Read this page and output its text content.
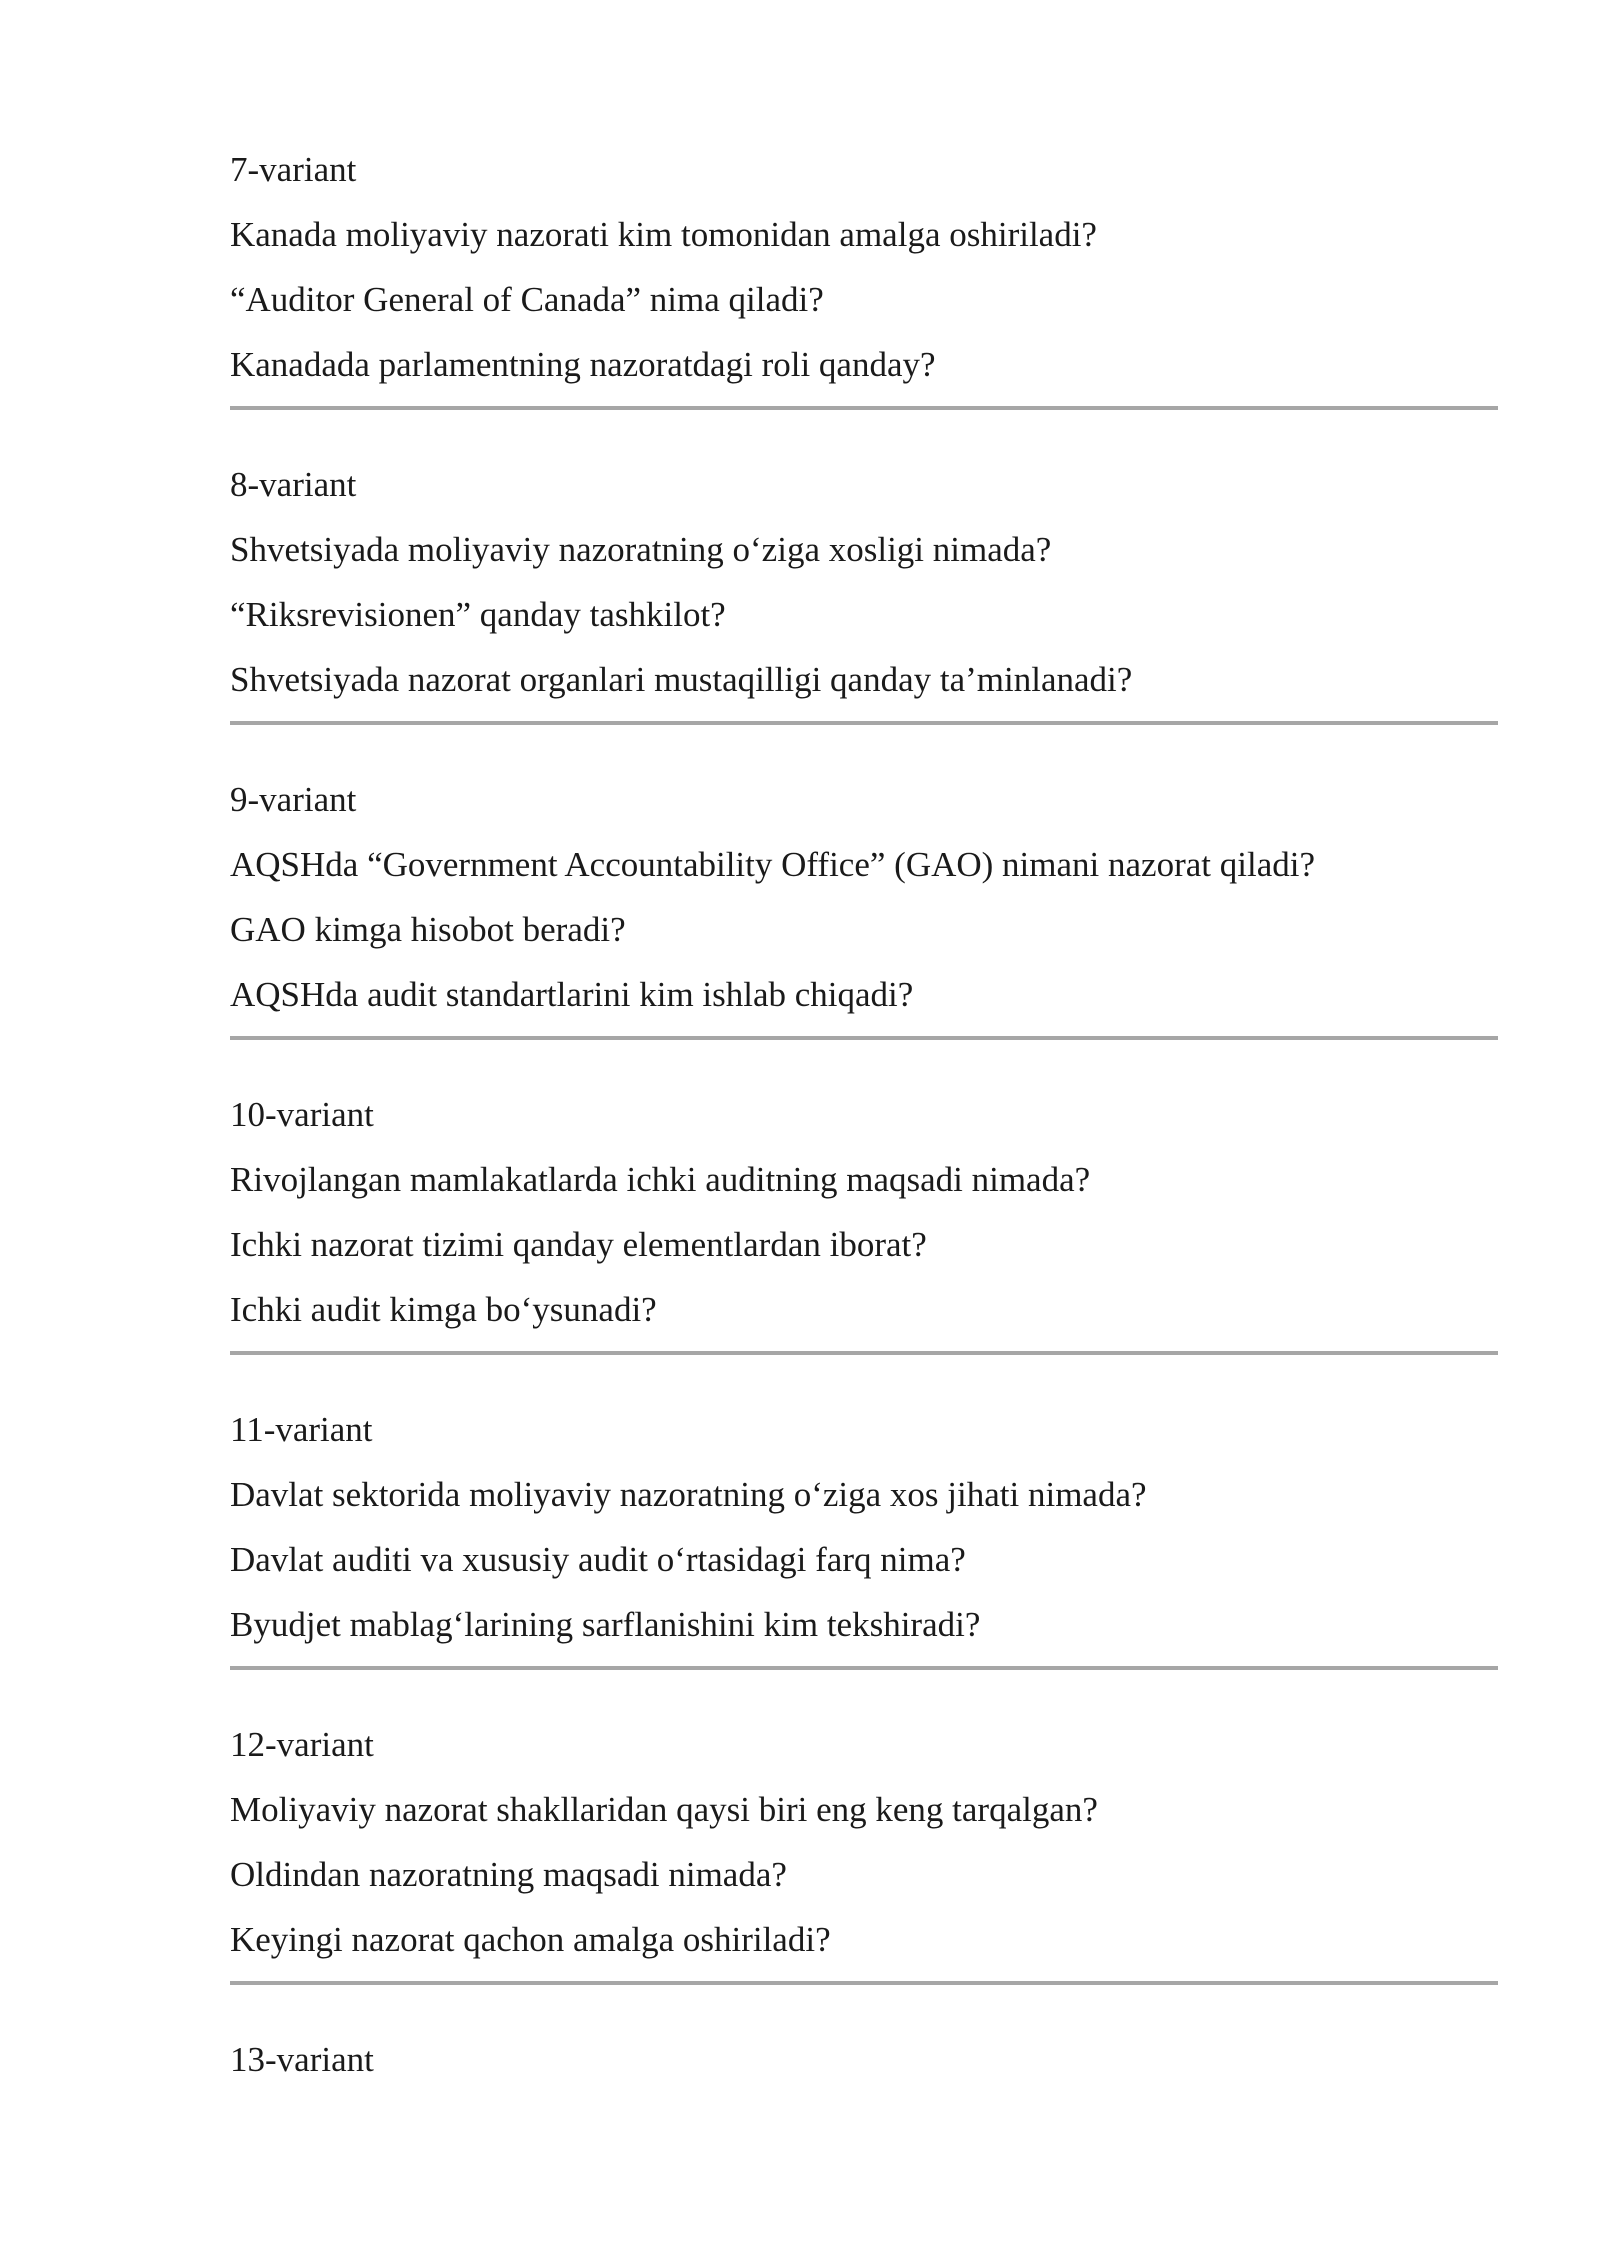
7-variant
Kanada moliyaviy nazorati kim tomonidan amalga oshiriladi?
“Auditor General of Canada” nima qiladi?
Kanadada parlamentning nazoratdagi roli qanday?
8-variant
Shvetsiyada moliyaviy nazoratning o‘ziga xosligi nimada?
“Riksrevisionen” qanday tashkilot?
Shvetsiyada nazorat organlari mustaqilligi qanday ta’minlanadi?
9-variant
AQSHda “Government Accountability Office” (GAO) nimani nazorat qiladi?
GAO kimga hisobot beradi?
AQSHda audit standartlarini kim ishlab chiqadi?
10-variant
Rivojlangan mamlakatlarda ichki auditning maqsadi nimada?
Ichki nazorat tizimi qanday elementlardan iborat?
Ichki audit kimga bo‘ysunadi?
11-variant
Davlat sektorida moliyaviy nazoratning o‘ziga xos jihati nimada?
Davlat auditi va xususiy audit o‘rtasidagi farq nima?
Byudjet mablag‘larining sarflanishini kim tekshiradi?
12-variant
Moliyaviy nazorat shakllaridan qaysi biri eng keng tarqalgan?
Oldindan nazoratning maqsadi nimada?
Keyingi nazorat qachon amalga oshiriladi?
13-variant
